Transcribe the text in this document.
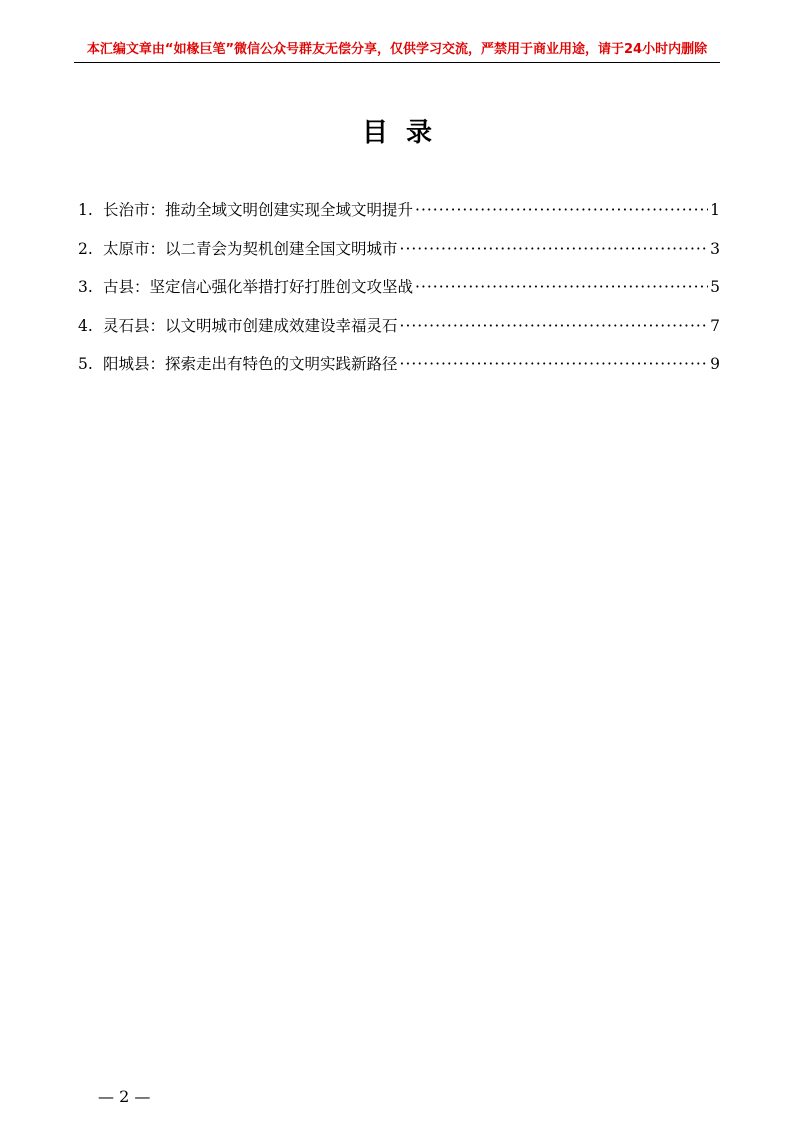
本汇编文章由“如椽巨笔”微信公众号群友无偿分享，仅供学习交流，严禁用于商业用途，请于24小时内删除
目录
1. 长治市：推动全域文明创建实现全域文明提升 ·····	1
2. 太原市：以二青会为契机创建全国文明城市 ·····	3
3. 古县：坚定信心强化举措打好打胜创文攻坚战 ·····	5
4. 灵石县：以文明城市创建成效建设幸福灵石 ·····	7
5. 阳城县：探索走出有特色的文明实践新路径 ·····	9
— 2 —
